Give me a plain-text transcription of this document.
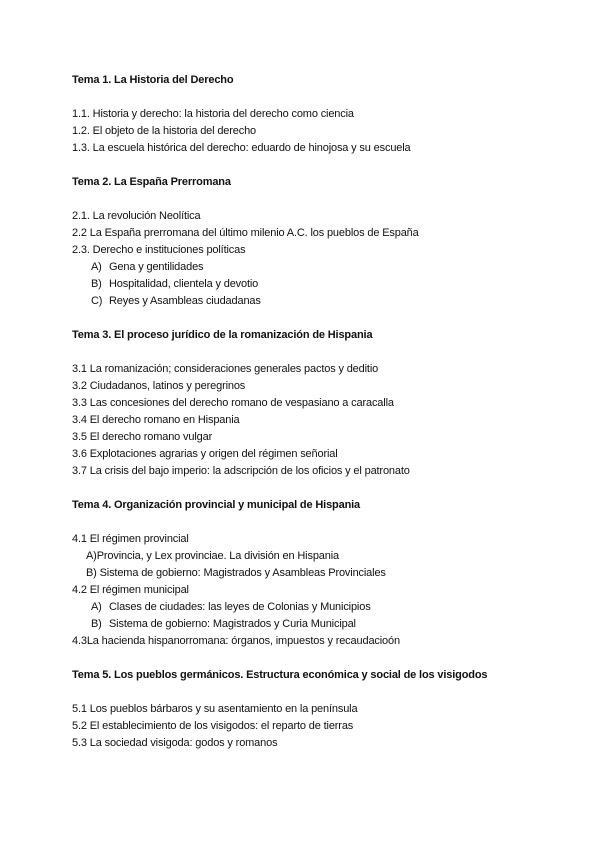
Tema 1. La Historia del Derecho
1.1. Historia y derecho: la historia del derecho como ciencia
1.2. El objeto de la historia del derecho
1.3. La escuela histórica del derecho: eduardo de hinojosa y su escuela
Tema 2. La España Prerromana
2.1. La revolución Neolítica
2.2 La España prerromana del último milenio A.C. los pueblos de España
2.3. Derecho e instituciones políticas
A) Gena y gentilidades
B) Hospitalidad, clientela y devotio
C) Reyes y Asambleas ciudadanas
Tema 3. El proceso jurídico de la romanización de Hispania
3.1 La romanización; consideraciones generales pactos y deditio
3.2 Ciudadanos, latinos y peregrinos
3.3 Las concesiones del derecho romano de vespasiano a caracalla
3.4 El derecho romano en Hispania
3.5 El derecho romano vulgar
3.6 Explotaciones agrarias y origen del régimen señorial
3.7 La crisis del bajo imperio: la adscripción de los oficios y el patronato
Tema 4. Organización provincial y municipal de Hispania
4.1 El régimen provincial
A)Provincia, y Lex provinciae. La división en Hispania
B) Sistema de gobierno: Magistrados y Asambleas Provinciales
4.2 El régimen municipal
A) Clases de ciudades: las leyes de Colonias y Municipios
B) Sistema de gobierno: Magistrados y Curia Municipal
4.3La hacienda hispanorromana: órganos, impuestos y recaudacioón
Tema 5. Los pueblos germánicos. Estructura económica y social de los visigodos
5.1 Los pueblos bárbaros y su asentamiento en la península
5.2 El establecimiento de los visigodos: el reparto de tierras
5.3 La sociedad visigoda: godos y romanos
